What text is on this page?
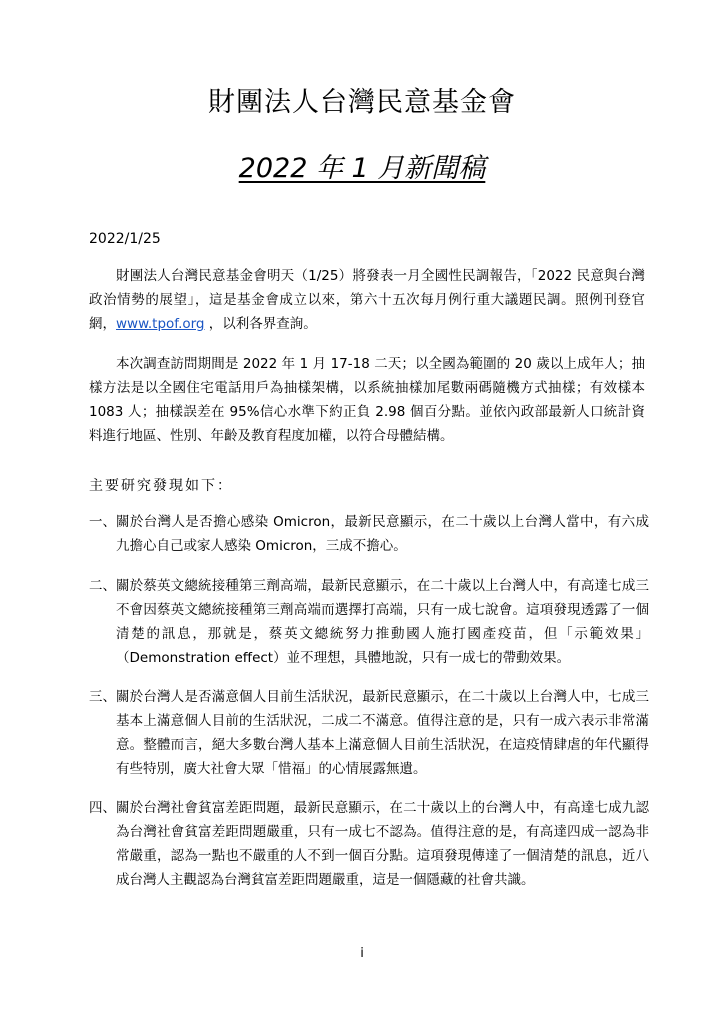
財團法人台灣民意基金會
2022 年 1 月新聞稿
2022/1/25

財團法人台灣民意基金會明天（1/25）將發表一月全國性民調報告，「2022 民意與台灣政治情勢的展望」，這是基金會成立以來，第六十五次每月例行重大議題民調。照例刊登官網，www.tpof.org ，以利各界查詢。

本次調查訪問期間是 2022 年 1 月 17-18 二天；以全國為範圍的 20 歲以上成年人；抽樣方法是以全國住宅電話用戶為抽樣架構，以系統抽樣加尾數兩碼隨機方式抽樣；有效樣本 1083 人；抽樣誤差在 95%信心水準下約正負 2.98 個百分點。並依內政部最新人口統計資料進行地區、性別、年齡及教育程度加權，以符合母體結構。

主要研究發現如下：
一、 關於台灣人是否擔心感染 Omicron，最新民意顯示，在二十歲以上台灣人當中，有六成九擔心自己或家人感染 Omicron，三成不擔心。
二、 關於蔡英文總統接種第三劑高端，最新民意顯示，在二十歲以上台灣人中，有高達七成三不會因蔡英文總統接種第三劑高端而選擇打高端，只有一成七說會。這項發現透露了一個清楚的訊息，那就是，蔡英文總統努力推動國人施打國產疫苗，但「示範效果」（Demonstration effect）並不理想，具體地說，只有一成七的帶動效果。
三、 關於台灣人是否滿意個人目前生活狀況，最新民意顯示，在二十歲以上台灣人中，七成三基本上滿意個人目前的生活狀況，二成二不滿意。值得注意的是，只有一成六表示非常滿意。整體而言，絕大多數台灣人基本上滿意個人目前生活狀況，在這疫情肆虐的年代顯得有些特別，廣大社會大眾「惜福」的心情展露無遺。
四、 關於台灣社會貧富差距問題，最新民意顯示，在二十歲以上的台灣人中，有高達七成九認為台灣社會貧富差距問題嚴重，只有一成七不認為。值得注意的是，有高達四成一認為非常嚴重，認為一點也不嚴重的人不到一個百分點。這項發現傳達了一個清楚的訊息，近八成台灣人主觀認為台灣貧富差距問題嚴重，這是一個隱藏的社會共識。
i
